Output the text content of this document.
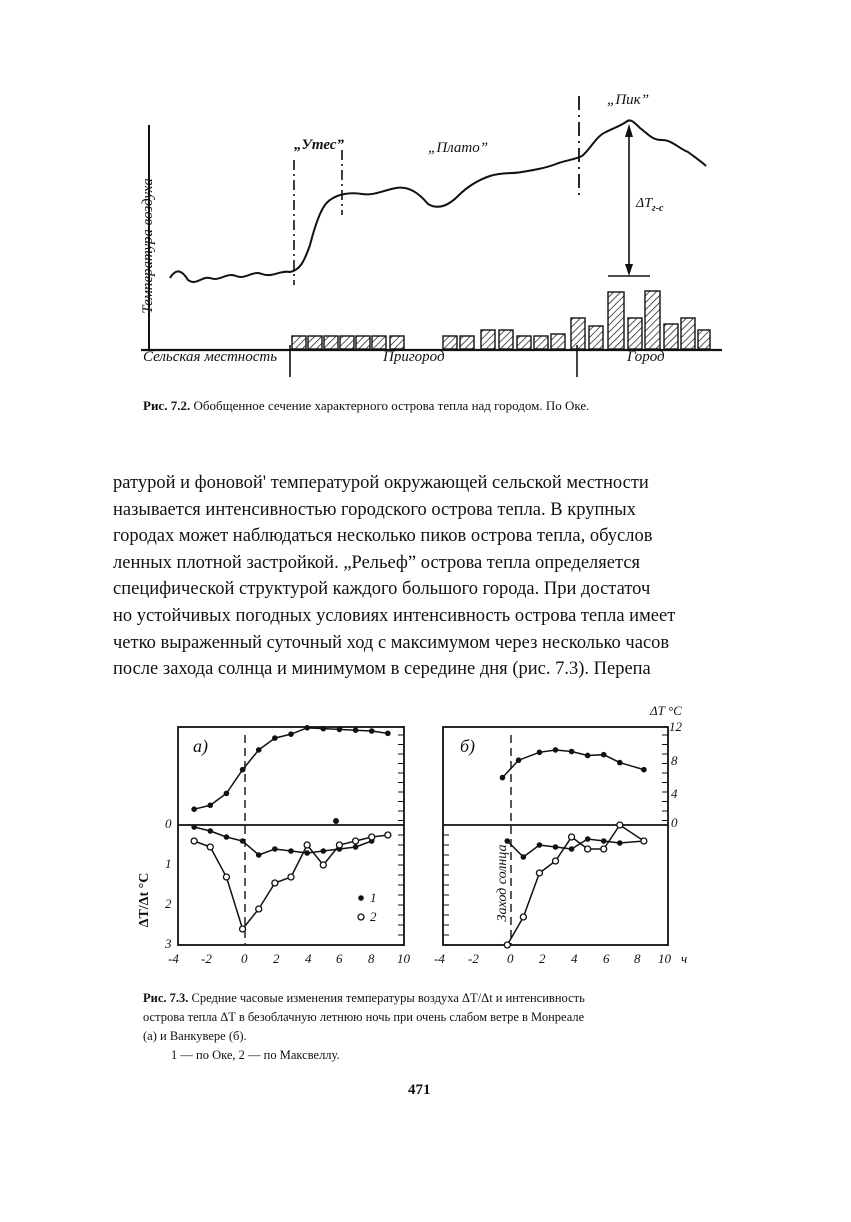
Температура воздуха
Сельская местность	Пригород	Город
„Утес”	„Плато”
„Пик”
$\Delta T_{г-с}$
Рис. 7.2. Обобщенное сечение характерного острова тепла над городом. По Оке.
ратурой и фоновой' температурой окружающей сельской местности
называется интенсивностью городского острова тепла. В крупных
городах может наблюдаться несколько пиков острова тепла, обуслов
ленных плотной застройкой. „Рельеф” острова тепла определяется
специфической структурой каждого большого города. При достаточ
но устойчивых погодных условиях интенсивность острова тепла имеет
четко выраженный суточный ход с максимумом через несколько часов
после захода солнца и минимумом в середине дня (рис. 7.3). Перепа
а)	б)
ΔT °C
ΔT/Δt °C	Заход солнца
ч
1
2
0
1
2
3
12
8
4
0
-4 -2 0 2 4 6 8 10 -4 -2 0 2 4 6 8 10
Рис. 7.3. Средние часовые изменения температуры воздуха ΔT/Δt и интенсивность
острова тепла ΔT в безоблачную летнюю ночь при очень слабом ветре в Монреале
(а) и Ванкувере (б).
1 — по Оке, 2 — по Максвеллу.
471
